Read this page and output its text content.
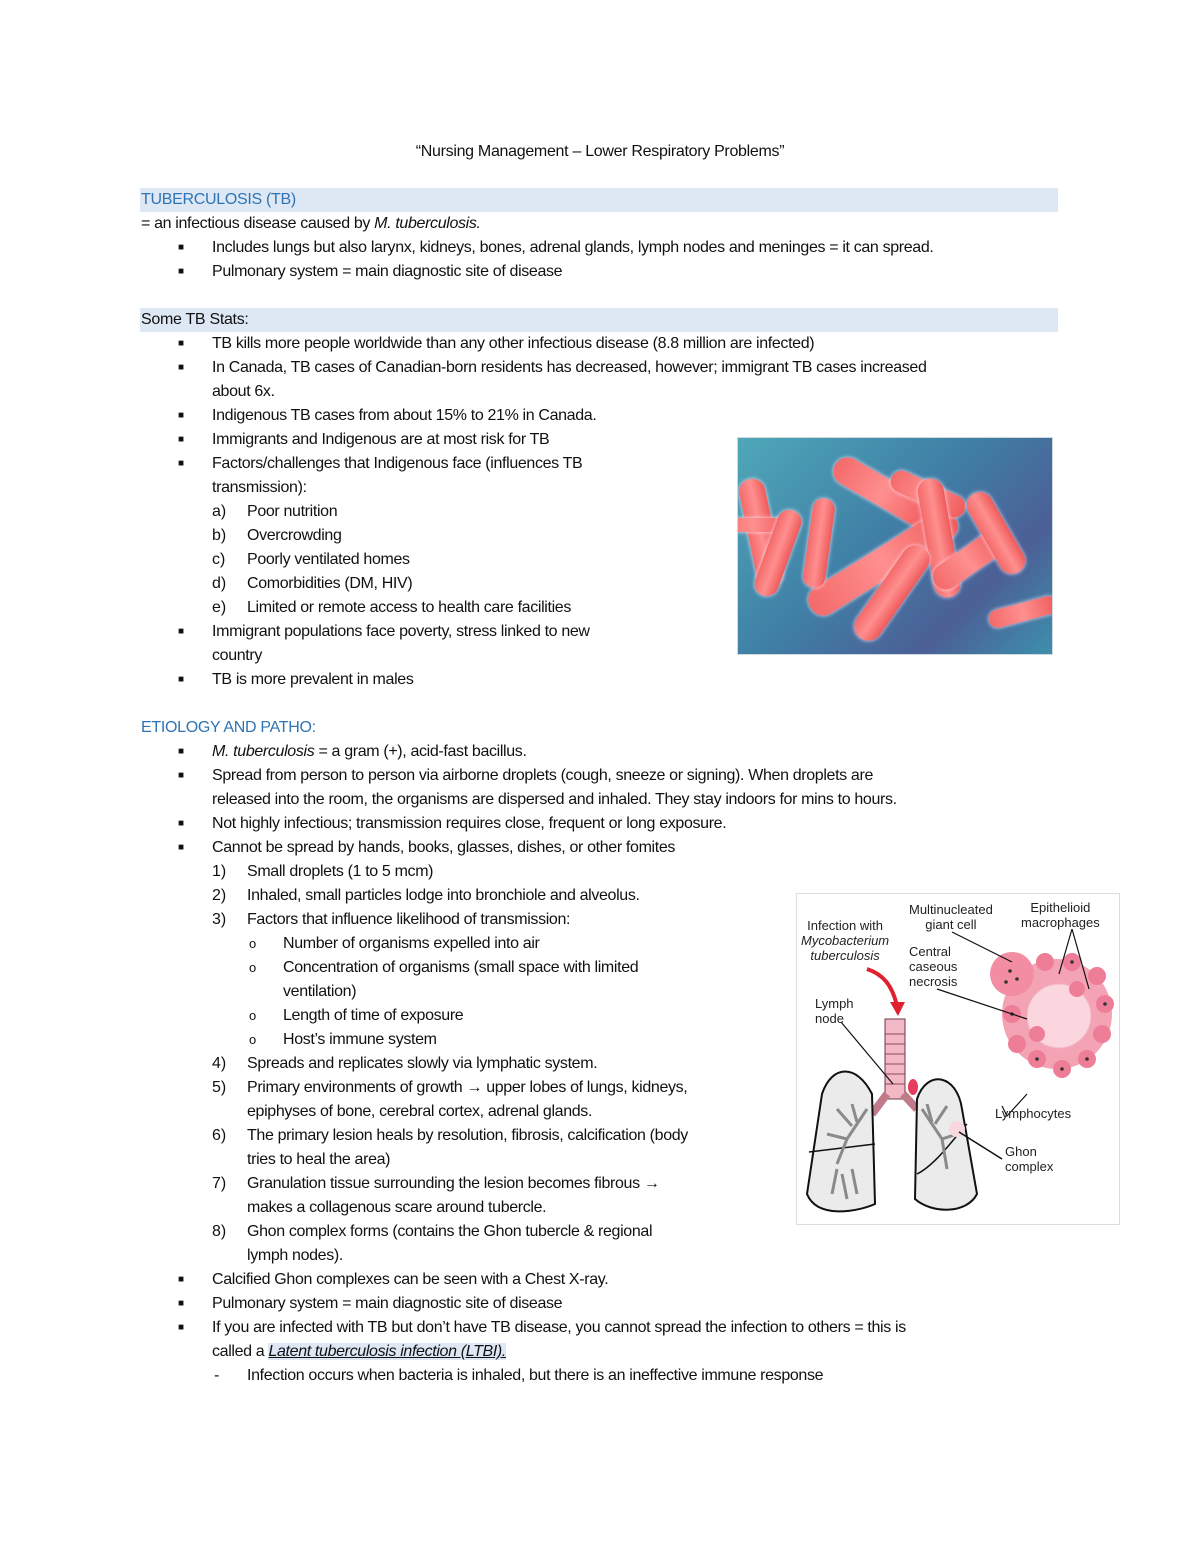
“Nursing Management – Lower Respiratory Problems”
TUBERCULOSIS (TB)
= an infectious disease caused by M. tuberculosis.
■ Includes lungs but also larynx, kidneys, bones, adrenal glands, lymph nodes and meninges = it can spread.
■ Pulmonary system = main diagnostic site of disease
Some TB Stats:
■ TB kills more people worldwide than any other infectious disease (8.8 million are infected)
■ In Canada, TB cases of Canadian-born residents has decreased, however; immigrant TB cases increased
about 6x.
■ Indigenous TB cases from about 15% to 21% in Canada.
■ Immigrants and Indigenous are at most risk for TB
■ Factors/challenges that Indigenous face (influences TB
transmission):
a) Poor nutrition
b) Overcrowding
c) Poorly ventilated homes
d) Comorbidities (DM, HIV)
e) Limited or remote access to health care facilities
■ Immigrant populations face poverty, stress linked to new
country
■ TB is more prevalent in males
ETIOLOGY AND PATHO:
■ M. tuberculosis = a gram (+), acid-fast bacillus.
■ Spread from person to person via airborne droplets (cough, sneeze or signing). When droplets are
released into the room, the organisms are dispersed and inhaled. They stay indoors for mins to hours.
■ Not highly infectious; transmission requires close, frequent or long exposure.
■ Cannot be spread by hands, books, glasses, dishes, or other fomites
1) Small droplets (1 to 5 mcm)
2) Inhaled, small particles lodge into bronchiole and alveolus.
3) Factors that influence likelihood of transmission:
o Number of organisms expelled into air
o Concentration of organisms (small space with limited
ventilation)
o Length of time of exposure
o Host’s immune system
4) Spreads and replicates slowly via lymphatic system.
5) Primary environments of growth → upper lobes of lungs, kidneys,
epiphyses of bone, cerebral cortex, adrenal glands.
6) The primary lesion heals by resolution, fibrosis, calcification (body
tries to heal the area)
7) Granulation tissue surrounding the lesion becomes fibrous →
makes a collagenous scare around tubercle.
8) Ghon complex forms (contains the Ghon tubercle & regional
lymph nodes).
■ Calcified Ghon complexes can be seen with a Chest X-ray.
■ Pulmonary system = main diagnostic site of disease
■ If you are infected with TB but don’t have TB disease, you cannot spread the infection to others = this is
called a Latent tuberculosis infection (LTBI).
- Infection occurs when bacteria is inhaled, but there is an ineffective immune response
Infection with
Mycobacterium
tuberculosis
Multinucleated
giant cell
Epithelioid
macrophages
Central
caseous
necrosis
Lymph
node
Lymphocytes
Ghon
complex
